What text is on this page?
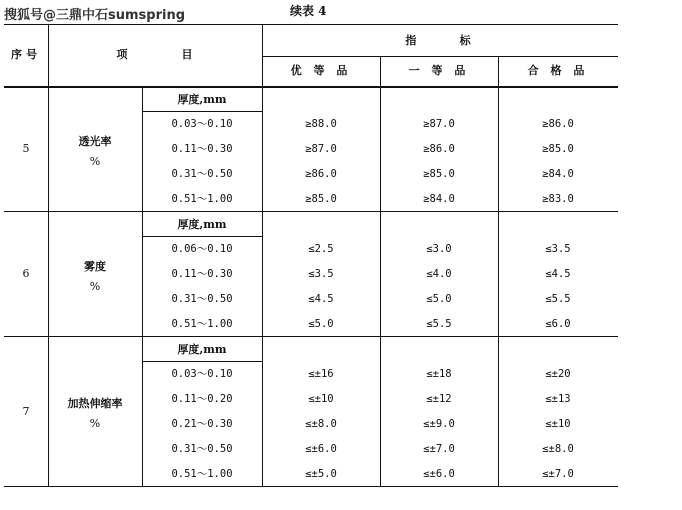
搜狐号@三鼎中石sumspring	续表 4
序号	项	目
指     标
优 等 品	一 等 品	合 格 品
5
透光率
%
厚度,mm
0.03～0.10	≥88.0	≥87.0	≥86.0
0.11～0.30	≥87.0	≥86.0	≥85.0
0.31～0.50	≥86.0	≥85.0	≥84.0
0.51～1.00	≥85.0	≥84.0	≥83.0
6
雾度
%
厚度,mm
0.06～0.10	≤2.5	≤3.0	≤3.5
0.11～0.30	≤3.5	≤4.0	≤4.5
0.31～0.50	≤4.5	≤5.0	≤5.5
0.51～1.00	≤5.0	≤5.5	≤6.0
7
加热伸缩率
%
厚度,mm
0.03～0.10	≤±16	≤±18	≤±20
0.11～0.20	≤±10	≤±12	≤±13
0.21～0.30	≤±8.0	≤±9.0	≤±10
0.31～0.50	≤±6.0	≤±7.0	≤±8.0
0.51～1.00	≤±5.0	≤±6.0	≤±7.0
